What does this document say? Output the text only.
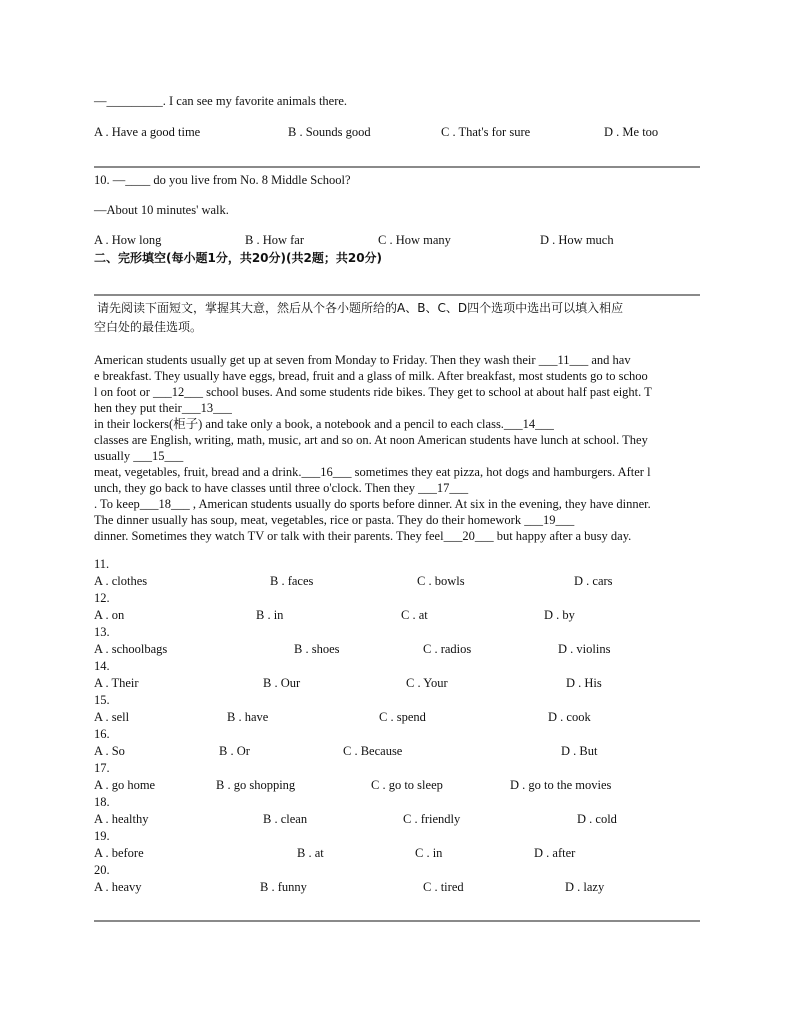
—_________. I can see my favorite animals there.
A . Have a good time	B . Sounds good	C . That's for sure	D . Me too
10. —____ do you live from No. 8 Middle School?
—About 10 minutes' walk.
A . How long	B . How far	C . How many	D . How much
二、完形填空(每小题1分，共20分)(共2题；共20分)
请先阅读下面短文，掌握其大意，然后从个各小题所给的A、B、C、D四个选项中选出可以填入相应
空白处的最佳选项。
American students usually get up at seven from Monday to Friday. Then they wash their ___11___ and hav
e breakfast. They usually have eggs, bread, fruit and a glass of milk. After breakfast, most students go to schoo
l on foot or ___12___ school buses. And some students ride bikes. They get to school at about half past eight. T
hen they put their___13___
in their lockers(柜子) and take only a book, a notebook and a pencil to each class.___14___
classes are English, writing, math, music, art and so on. At noon American students have lunch at school. They
usually ___15___
meat, vegetables, fruit, bread and a drink.___16___ sometimes they eat pizza, hot dogs and hamburgers. After l
unch, they go back to have classes until three o'clock. Then they ___17___
. To keep___18___ , American students usually do sports before dinner. At six in the evening, they have dinner.
The dinner usually has soup, meat, vegetables, rice or pasta. They do their homework ___19___
dinner. Sometimes they watch TV or talk with their parents. They feel___20___ but happy after a busy day.
11.
A . clothes	B . faces	C . bowls	D . cars
12.
A . on	B . in	C . at	D . by
13.
A . schoolbags	B . shoes	C . radios	D . violins
14.
A . Their	B . Our	C . Your	D . His
15.
A . sell	B . have	C . spend	D . cook
16.
A . So	B . Or	C . Because	D . But
17.
A . go home	B . go shopping	C . go to sleep	D . go to the movies
18.
A . healthy	B . clean	C . friendly	D . cold
19.
A . before	B . at	C . in	D . after
20.
A . heavy	B . funny	C . tired	D . lazy
